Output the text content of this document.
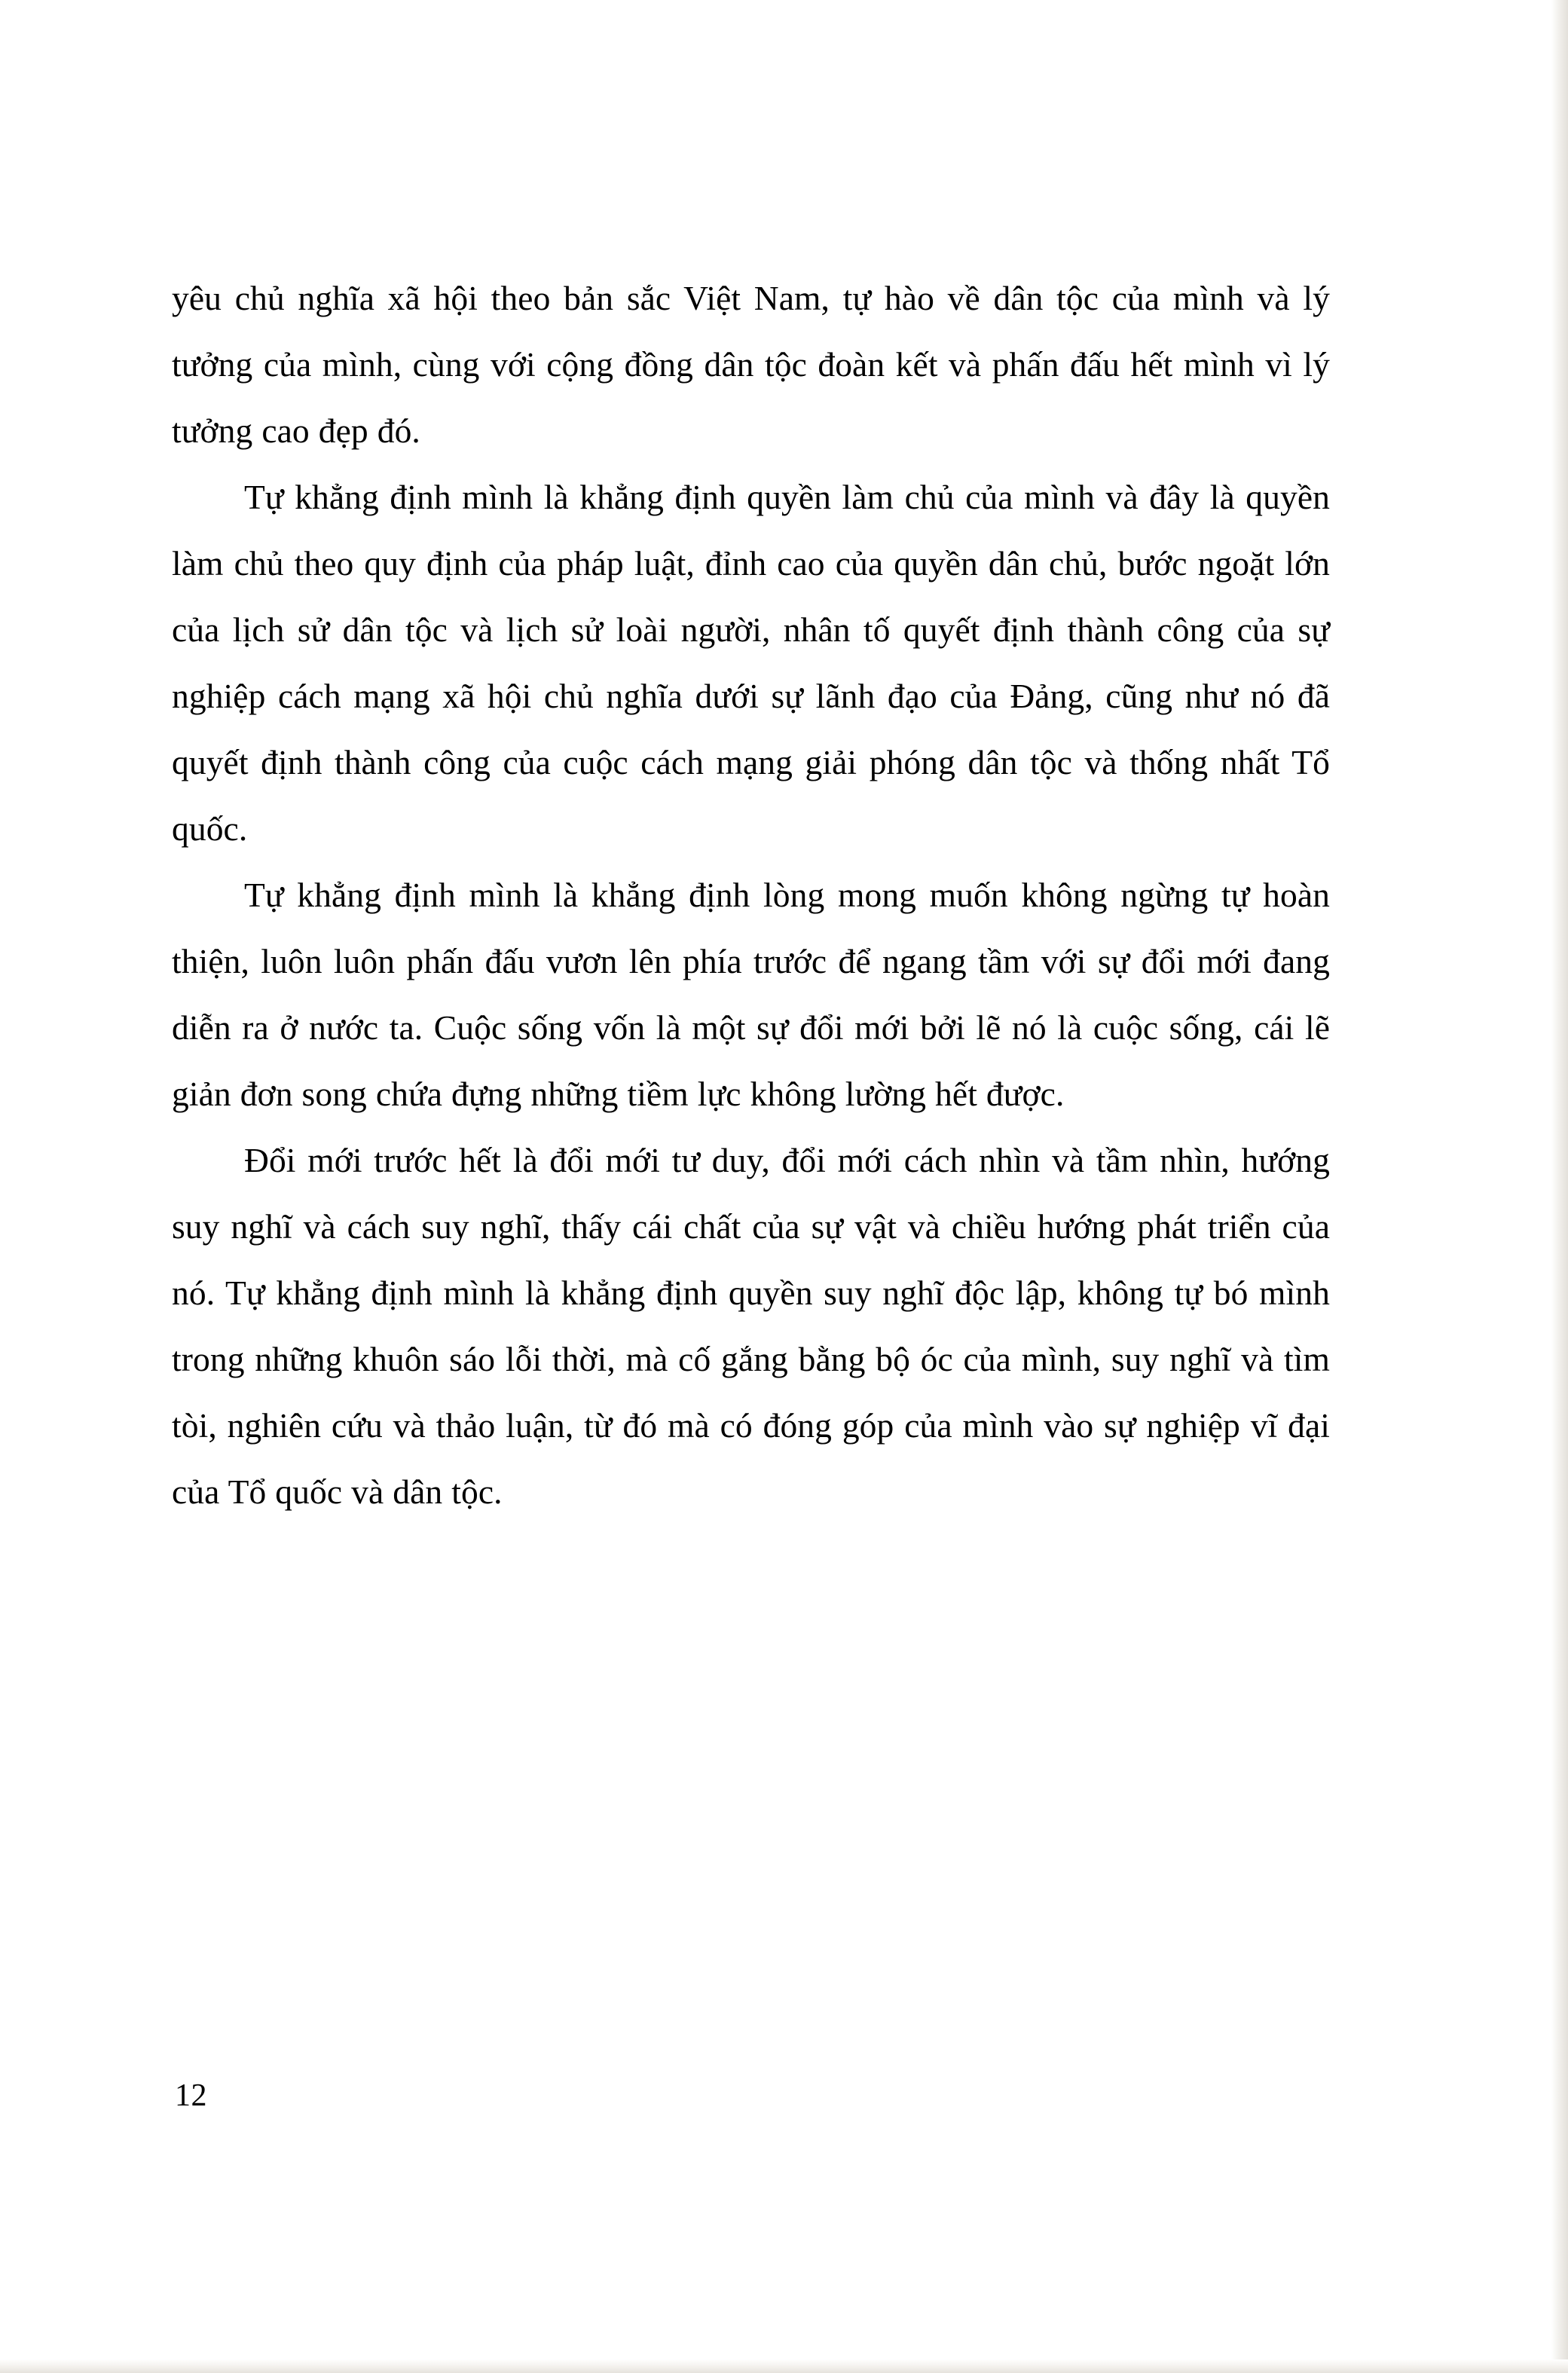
yêu chủ nghĩa xã hội theo bản sắc Việt Nam, tự hào về dân tộc của mình và lý tưởng của mình, cùng với cộng đồng dân tộc đoàn kết và phấn đấu hết mình vì lý tưởng cao đẹp đó.

Tự khẳng định mình là khẳng định quyền làm chủ của mình và đây là quyền làm chủ theo quy định của pháp luật, đỉnh cao của quyền dân chủ, bước ngoặt lớn của lịch sử dân tộc và lịch sử loài người, nhân tố quyết định thành công của sự nghiệp cách mạng xã hội chủ nghĩa dưới sự lãnh đạo của Đảng, cũng như nó đã quyết định thành công của cuộc cách mạng giải phóng dân tộc và thống nhất Tổ quốc.

Tự khẳng định mình là khẳng định lòng mong muốn không ngừng tự hoàn thiện, luôn luôn phấn đấu vươn lên phía trước để ngang tầm với sự đổi mới đang diễn ra ở nước ta. Cuộc sống vốn là một sự đổi mới bởi lẽ nó là cuộc sống, cái lẽ giản đơn song chứa đựng những tiềm lực không lường hết được.

Đổi mới trước hết là đổi mới tư duy, đổi mới cách nhìn và tầm nhìn, hướng suy nghĩ và cách suy nghĩ, thấy cái chất của sự vật và chiều hướng phát triển của nó. Tự khẳng định mình là khẳng định quyền suy nghĩ độc lập, không tự bó mình trong những khuôn sáo lỗi thời, mà cố gắng bằng bộ óc của mình, suy nghĩ và tìm tòi, nghiên cứu và thảo luận, từ đó mà có đóng góp của mình vào sự nghiệp vĩ đại của Tổ quốc và dân tộc.

12
